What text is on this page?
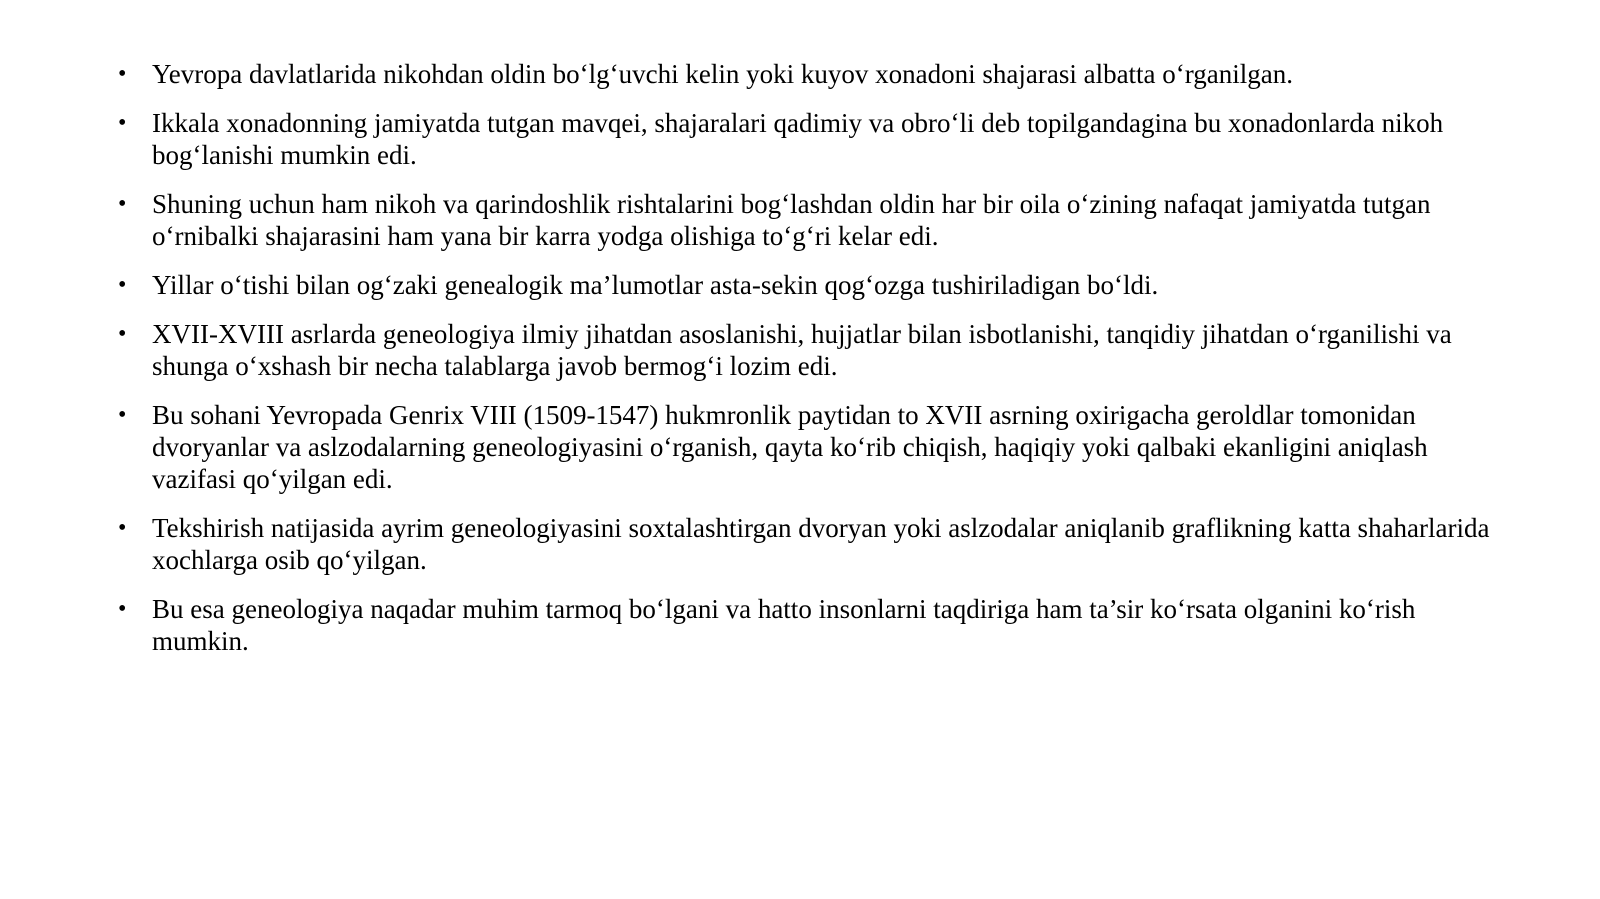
• Yevropa davlatlarida nikohdan oldin bo‘lg‘uvchi kelin yoki kuyov xonadoni shajarasi albatta o‘rganilgan.
• Ikkala xonadonning jamiyatda tutgan mavqei, shajaralari qadimiy va obro‘li deb topilgandagina bu xonadonlarda nikoh bog‘lanishi mumkin edi.
• Shuning uchun ham nikoh va qarindoshlik rishtalarini bog‘lashdan oldin har bir oila o‘zining nafaqat jamiyatda tutgan o‘rnibalki shajarasini ham yana bir karra yodga olishiga to‘g‘ri kelar edi.
• Yillar o‘tishi bilan og‘zaki genealogik ma’lumotlar asta-sekin qog‘ozga tushiriladigan bo‘ldi.
• XVII-XVIII asrlarda geneologiya ilmiy jihatdan asoslanishi, hujjatlar bilan isbotlanishi, tanqidiy jihatdan o‘rganilishi va shunga o‘xshash bir necha talablarga javob bermog‘i lozim edi.
• Bu sohani Yevropada Genrix VIII (1509-1547) hukmronlik paytidan to XVII asrning oxirigacha geroldlar tomonidan dvoryanlar va aslzodalarning geneologiyasini o‘rganish, qayta ko‘rib chiqish, haqiqiy yoki qalbaki ekanligini aniqlash vazifasi qo‘yilgan edi.
• Tekshirish natijasida ayrim geneologiyasini soxtalashtirgan dvoryan yoki aslzodalar aniqlanib graflikning katta shaharlarida xochlarga osib qo‘yilgan.
• Bu esa geneologiya naqadar muhim tarmoq bo‘lgani va hatto insonlarni taqdiriga ham ta’sir ko‘rsata olganini ko‘rish mumkin.
